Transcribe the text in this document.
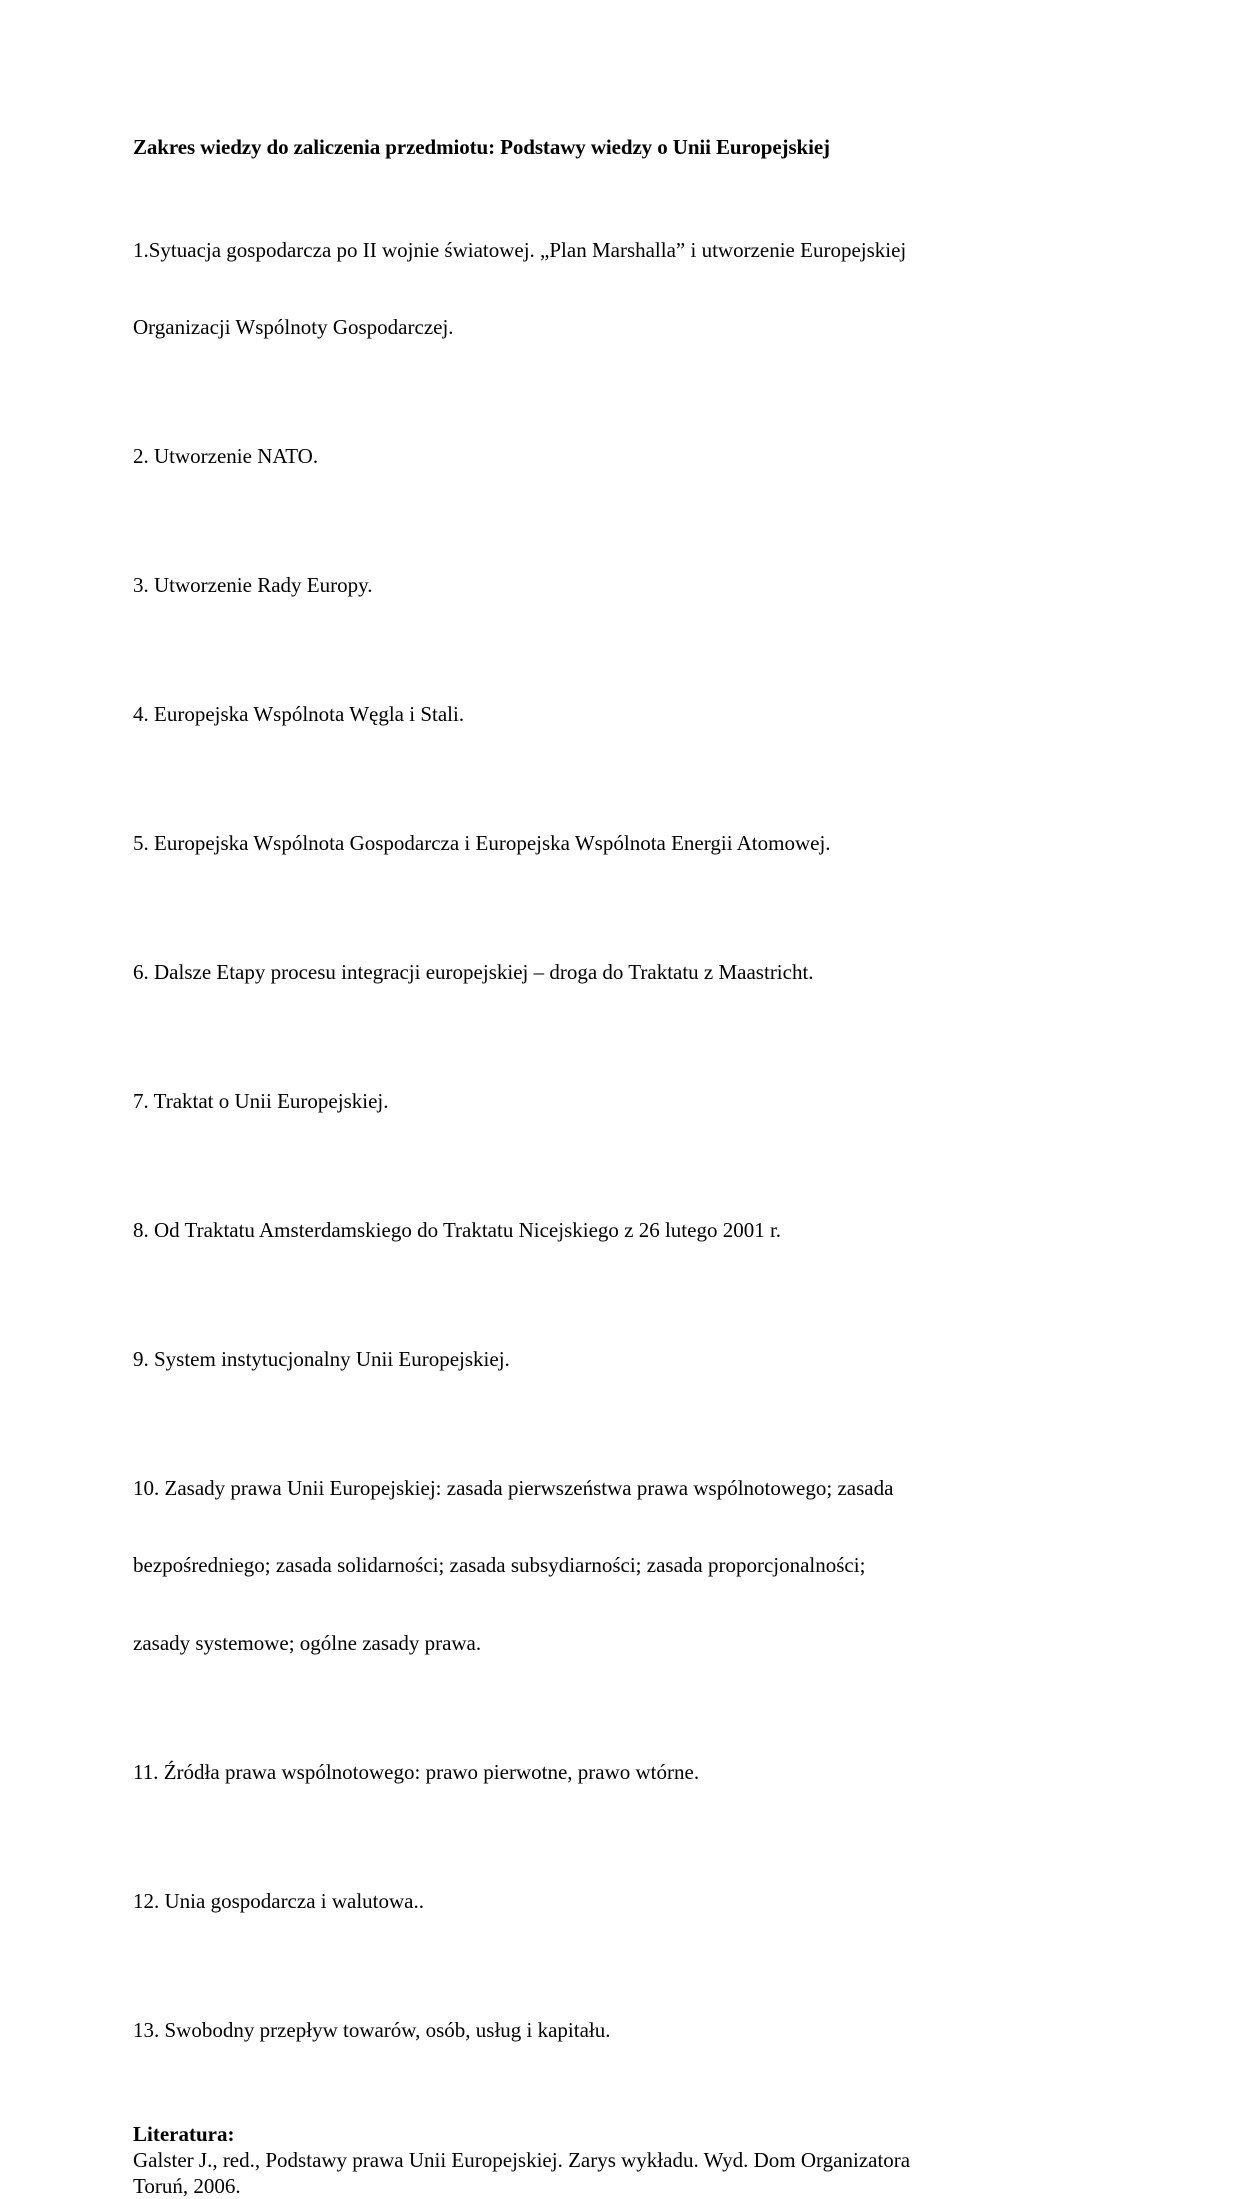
Zakres wiedzy do zaliczenia przedmiotu: Podstawy wiedzy o Unii Europejskiej

1.Sytuacja gospodarcza po II wojnie światowej. „Plan Marshalla” i utworzenie Europejskiej

Organizacji Wspólnoty Gospodarczej.

2. Utworzenie NATO.

3. Utworzenie Rady Europy.

4. Europejska Wspólnota Węgla i Stali.

5. Europejska Wspólnota Gospodarcza i Europejska Wspólnota Energii Atomowej.

6. Dalsze Etapy procesu integracji europejskiej – droga do Traktatu z Maastricht.

7. Traktat o Unii Europejskiej.

8. Od Traktatu Amsterdamskiego do Traktatu Nicejskiego z 26 lutego 2001 r.

9. System instytucjonalny Unii Europejskiej.

10. Zasady prawa Unii Europejskiej: zasada pierwszeństwa prawa wspólnotowego; zasada

bezpośredniego; zasada solidarności; zasada subsydiarności; zasada proporcjonalności;

zasady systemowe; ogólne zasady prawa.

11. Źródła prawa wspólnotowego: prawo pierwotne, prawo wtórne.

12. Unia gospodarcza i walutowa..

13. Swobodny przepływ towarów, osób, usług i kapitału.

Literatura:

Galster J., red., Podstawy prawa Unii Europejskiej. Zarys wykładu. Wyd. Dom Organizatora
Toruń, 2006.
